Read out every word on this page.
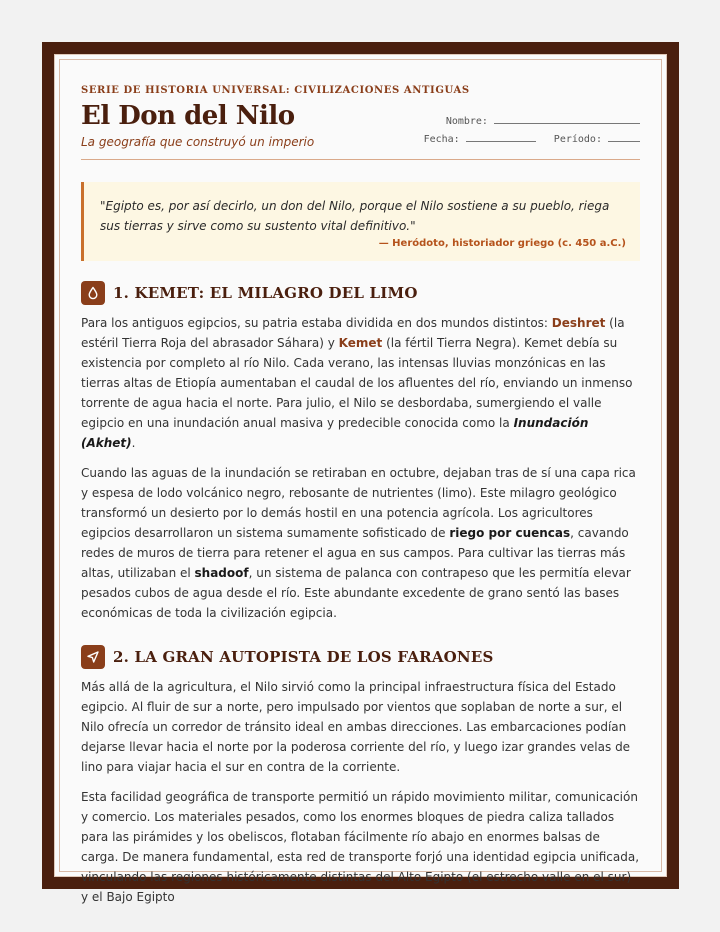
SERIE DE HISTORIA UNIVERSAL: CIVILIZACIONES ANTIGUAS
El Don del Nilo
La geografía que construyó un imperio
Nombre:
Fecha:	Período:
"Egipto es, por así decirlo, un don del Nilo, porque el Nilo sostiene a su pueblo, riega sus tierras y sirve como su sustento vital definitivo."
— Heródoto, historiador griego (c. 450 a.C.)
1. KEMET: EL MILAGRO DEL LIMO

Para los antiguos egipcios, su patria estaba dividida en dos mundos distintos: Deshret (la estéril Tierra Roja del abrasador Sáhara) y Kemet (la fértil Tierra Negra). Kemet debía su existencia por completo al río Nilo. Cada verano, las intensas lluvias monzónicas en las tierras altas de Etiopía aumentaban el caudal de los afluentes del río, enviando un inmenso torrente de agua hacia el norte. Para julio, el Nilo se desbordaba, sumergiendo el valle egipcio en una inundación anual masiva y predecible conocida como la Inundación (Akhet).

Cuando las aguas de la inundación se retiraban en octubre, dejaban tras de sí una capa rica y espesa de lodo volcánico negro, rebosante de nutrientes (limo). Este milagro geológico transformó un desierto por lo demás hostil en una potencia agrícola. Los agricultores egipcios desarrollaron un sistema sumamente sofisticado de riego por cuencas, cavando redes de muros de tierra para retener el agua en sus campos. Para cultivar las tierras más altas, utilizaban el shadoof, un sistema de palanca con contrapeso que les permitía elevar pesados cubos de agua desde el río. Este abundante excedente de grano sentó las bases económicas de toda la civilización egipcia.

2. LA GRAN AUTOPISTA DE LOS FARAONES

Más allá de la agricultura, el Nilo sirvió como la principal infraestructura física del Estado egipcio. Al fluir de sur a norte, pero impulsado por vientos que soplaban de norte a sur, el Nilo ofrecía un corredor de tránsito ideal en ambas direcciones. Las embarcaciones podían dejarse llevar hacia el norte por la poderosa corriente del río, y luego izar grandes velas de lino para viajar hacia el sur en contra de la corriente.

Esta facilidad geográfica de transporte permitió un rápido movimiento militar, comunicación y comercio. Los materiales pesados, como los enormes bloques de piedra caliza tallados para las pirámides y los obeliscos, flotaban fácilmente río abajo en enormes balsas de carga. De manera fundamental, esta red de transporte forjó una identidad egipcia unificada, vinculando las regiones históricamente distintas del Alto Egipto (el estrecho valle en el sur) y el Bajo Egipto
